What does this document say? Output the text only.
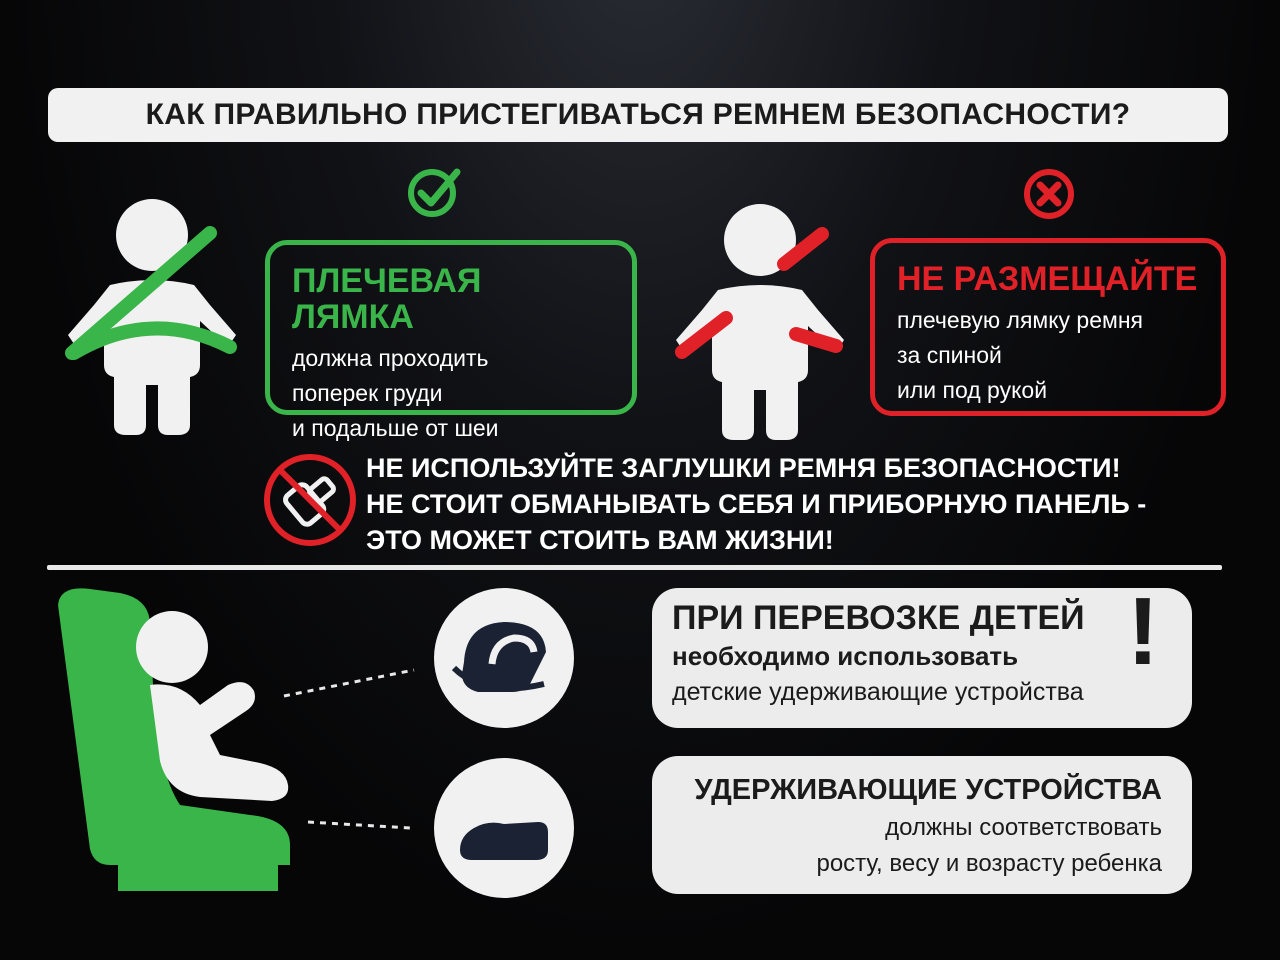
КАК ПРАВИЛЬНО ПРИСТЕГИВАТЬСЯ РЕМНЕМ БЕЗОПАСНОСТИ?
ПЛЕЧЕВАЯ ЛЯМКА

должна проходить

поперек груди

и подальше от шеи

НЕ РАЗМЕЩАЙТЕ

плечевую лямку ремня

за спиной

или под рукой

НЕ ИСПОЛЬЗУЙТЕ ЗАГЛУШКИ РЕМНЯ БЕЗОПАСНОСТИ!
НЕ СТОИТ ОБМАНЫВАТЬ СЕБЯ И ПРИБОРНУЮ ПАНЕЛЬ -
ЭТО МОЖЕТ СТОИТЬ ВАМ ЖИЗНИ!
ПРИ ПЕРЕВОЗКЕ ДЕТЕЙ
необходимо использовать
детские удерживающие устройства
!
УДЕРЖИВАЮЩИЕ УСТРОЙСТВА
должны соответствовать
росту, весу и возрасту ребенка
